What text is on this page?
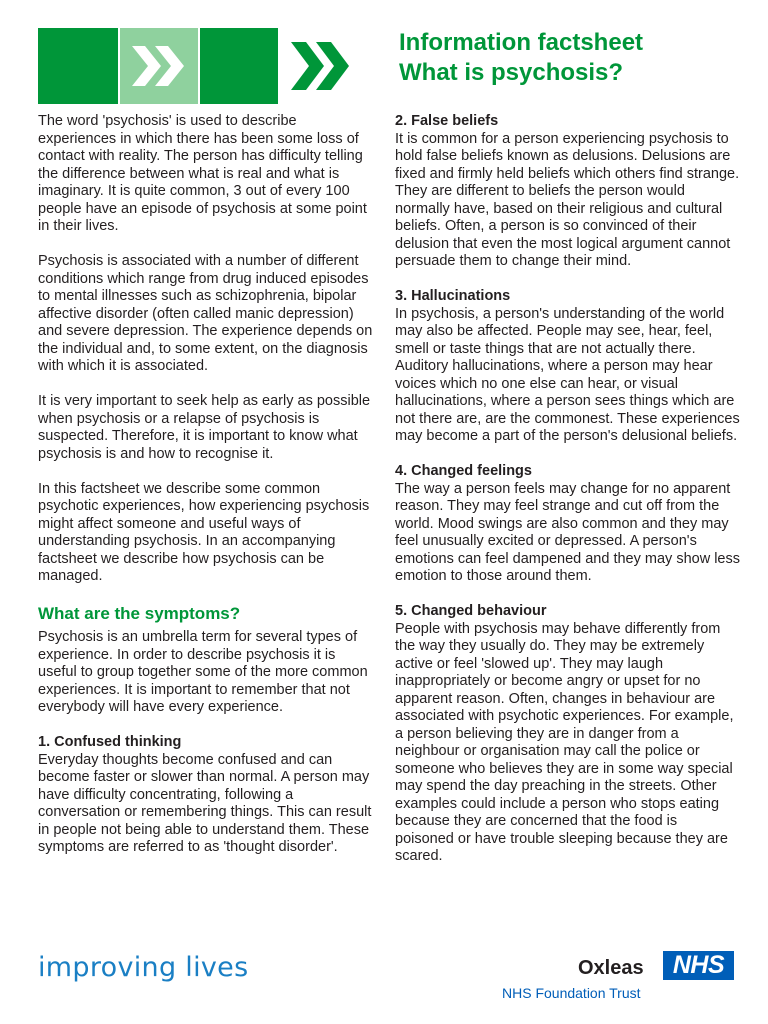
Information factsheet
What is psychosis?

The word 'psychosis' is used to describe experiences in which there has been some loss of contact with reality. The person has difficulty telling the difference between what is real and what is imaginary. It is quite common, 3 out of every 100 people have an episode of psychosis at some point in their lives.

Psychosis is associated with a number of different conditions which range from drug induced episodes to mental illnesses such as schizophrenia, bipolar affective disorder (often called manic depression) and severe depression. The experience depends on the individual and, to some extent, on the diagnosis with which it is associated.

It is very important to seek help as early as possible when psychosis or a relapse of psychosis is suspected. Therefore, it is important to know what psychosis is and how to recognise it.

In this factsheet we describe some common psychotic experiences, how experiencing psychosis might affect someone and useful ways of understanding psychosis. In an accompanying factsheet we describe how psychosis can be managed.

What are the symptoms?

Psychosis is an umbrella term for several types of experience. In order to describe psychosis it is useful to group together some of the more common experiences. It is important to remember that not everybody will have every experience.

1. Confused thinking

Everyday thoughts become confused and can become faster or slower than normal. A person may have difficulty concentrating, following a conversation or remembering things. This can result in people not being able to understand them. These symptoms are referred to as 'thought disorder'.

2. False beliefs

It is common for a person experiencing psychosis to hold false beliefs known as delusions. Delusions are fixed and firmly held beliefs which others find strange. They are different to beliefs the person would normally have, based on their religious and cultural beliefs. Often, a person is so convinced of their delusion that even the most logical argument cannot persuade them to change their mind.

3. Hallucinations

In psychosis, a person's understanding of the world may also be affected. People may see, hear, feel, smell or taste things that are not actually there. Auditory hallucinations, where a person may hear voices which no one else can hear, or visual hallucinations, where a person sees things which are not there are, are the commonest. These experiences may become a part of the person's delusional beliefs.

4. Changed feelings

The way a person feels may change for no apparent reason. They may feel strange and cut off from the world. Mood swings are also common and they may feel unusually excited or depressed. A person's emotions can feel dampened and they may show less emotion to those around them.

5. Changed behaviour

People with psychosis may behave differently from the way they usually do. They may be extremely active or feel 'slowed up'. They may laugh inappropriately or become angry or upset for no apparent reason. Often, changes in behaviour are associated with psychotic experiences. For example, a person believing they are in danger from a neighbour or organisation may call the police or someone who believes they are in some way special may spend the day preaching in the streets. Other examples could include a person who stops eating because they are concerned that the food is poisoned or have trouble sleeping because they are scared.

improving lives	Oxleas	NHS
NHS Foundation Trust
